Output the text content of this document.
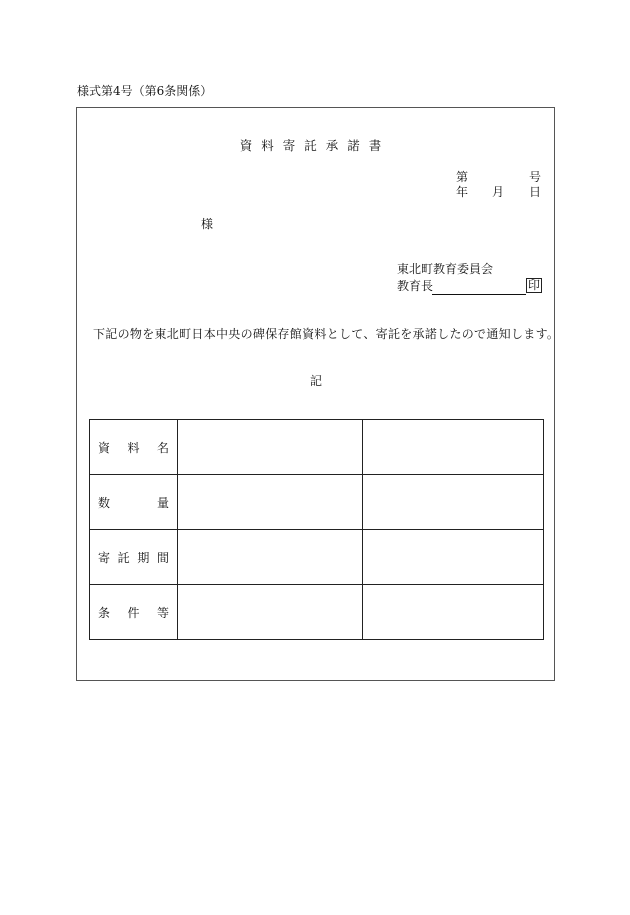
様式第4号（第6条関係）
資料寄託承諾書
第	号
年 月 日
様
東北町教育委員会
教育長	印
下記の物を東北町日本中央の碑保存館資料として、寄託を承諾したので通知します。
記
資 料 名		

数 量		

寄 託 期 間		

条 件 等		
